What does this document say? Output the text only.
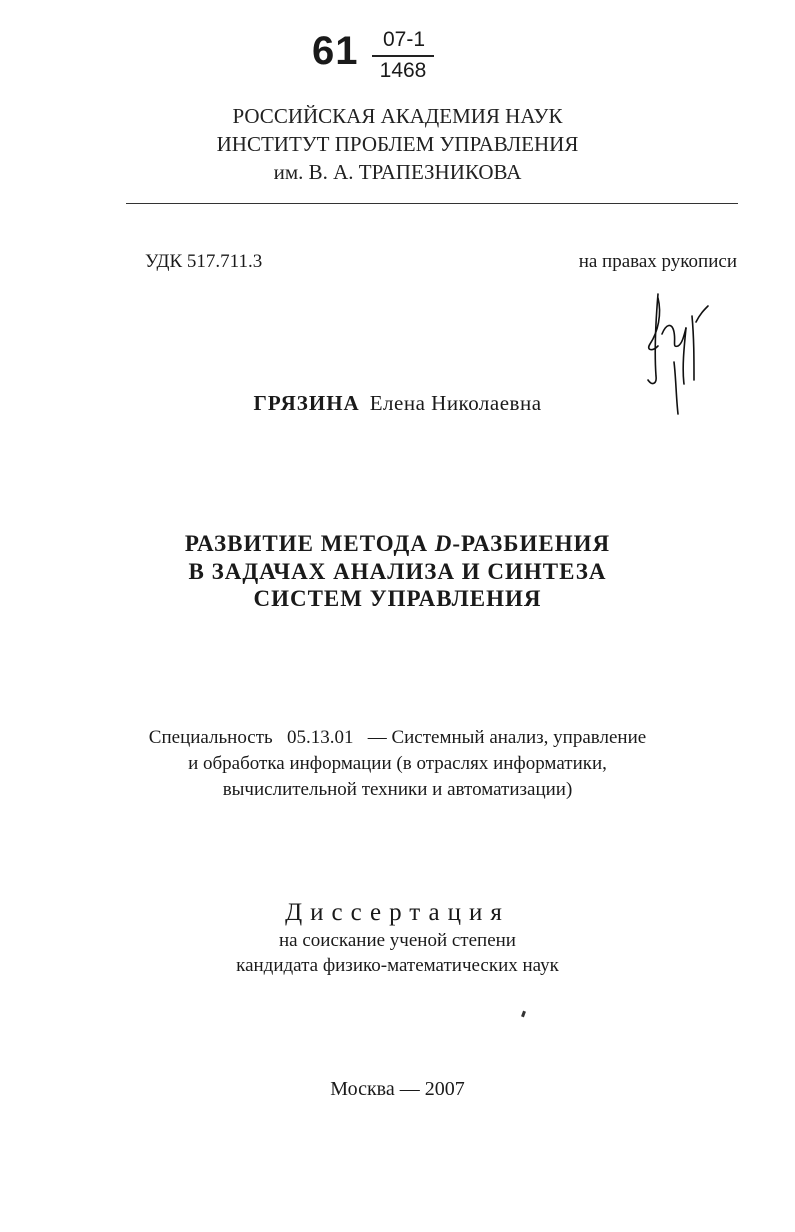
61	07-1
1468
РОССИЙСКАЯ АКАДЕМИЯ НАУК
ИНСТИТУТ ПРОБЛЕМ УПРАВЛЕНИЯ
им. В. А. ТРАПЕЗНИКОВА
УДК 517.711.3	на правах рукописи
ГРЯЗИНА Елена Николаевна
РАЗВИТИЕ МЕТОДА D-РАЗБИЕНИЯ
В ЗАДАЧАХ АНАЛИЗА И СИНТЕЗА
СИСТЕМ УПРАВЛЕНИЯ
Специальность   05.13.01   — Системный анализ, управление
и обработка информации (в отраслях информатики,
вычислительной техники и автоматизации)
Диссертация
на соискание ученой степени
кандидата физико-математических наук
Москва — 2007
